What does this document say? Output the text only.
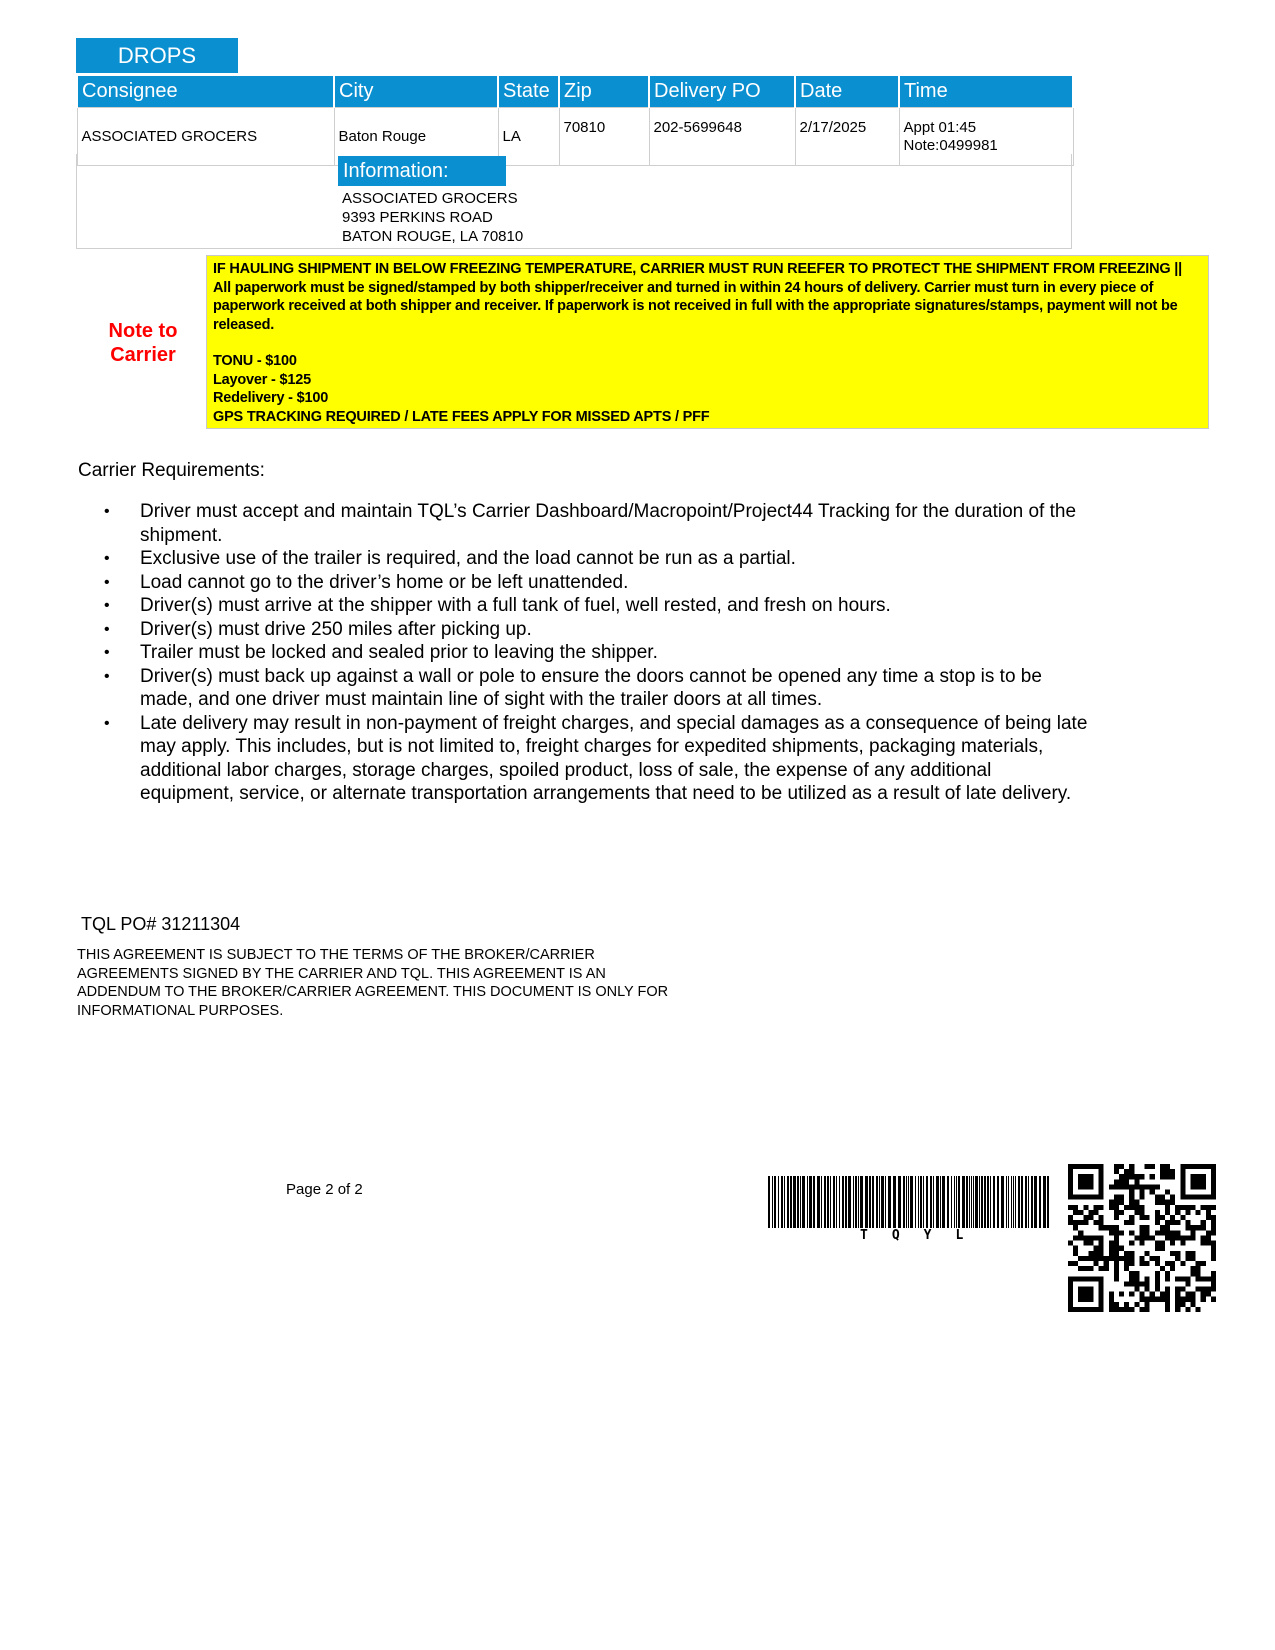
DROPS
Consignee	City	State	Zip	Delivery PO	Date	Time
ASSOCIATED GROCERS	Baton Rouge	LA	70810	202-5699648	2/17/2025	Appt 01:45
Note:0499981
Information:
ASSOCIATED GROCERS
9393 PERKINS ROAD
BATON ROUGE, LA 70810
Note to
Carrier

IF HAULING SHIPMENT IN BELOW FREEZING TEMPERATURE, CARRIER MUST RUN REEFER TO PROTECT THE SHIPMENT FROM FREEZING || All paperwork must be signed/stamped by both shipper/receiver and turned in within 24 hours of delivery. Carrier must turn in every piece of paperwork received at both shipper and receiver. If paperwork is not received in full with the appropriate signatures/stamps, payment will not be released.

TONU - $100

Layover - $125

Redelivery - $100

GPS TRACKING REQUIRED / LATE FEES APPLY FOR MISSED APTS / PFF

Carrier Requirements:
• Driver must accept and maintain TQL’s Carrier Dashboard/Macropoint/Project44 Tracking for the duration of the shipment.
• Exclusive use of the trailer is required, and the load cannot be run as a partial.
• Load cannot go to the driver’s home or be left unattended.
• Driver(s) must arrive at the shipper with a full tank of fuel, well rested, and fresh on hours.
• Driver(s) must drive 250 miles after picking up.
• Trailer must be locked and sealed prior to leaving the shipper.
• Driver(s) must back up against a wall or pole to ensure the doors cannot be opened any time a stop is to be made, and one driver must maintain line of sight with the trailer doors at all times.
• Late delivery may result in non-payment of freight charges, and special damages as a consequence of being late may apply. This includes, but is not limited to, freight charges for expedited shipments, packaging materials, additional labor charges, storage charges, spoiled product, loss of sale, the expense of any additional equipment, service, or alternate transportation arrangements that need to be utilized as a result of late delivery.
TQL PO# 31211304
THIS AGREEMENT IS SUBJECT TO THE TERMS OF THE BROKER/CARRIER
AGREEMENTS SIGNED BY THE CARRIER AND TQL. THIS AGREEMENT IS AN
ADDENDUM TO THE BROKER/CARRIER AGREEMENT. THIS DOCUMENT IS ONLY FOR
INFORMATIONAL PURPOSES.
Page 2 of 2
TQYL
